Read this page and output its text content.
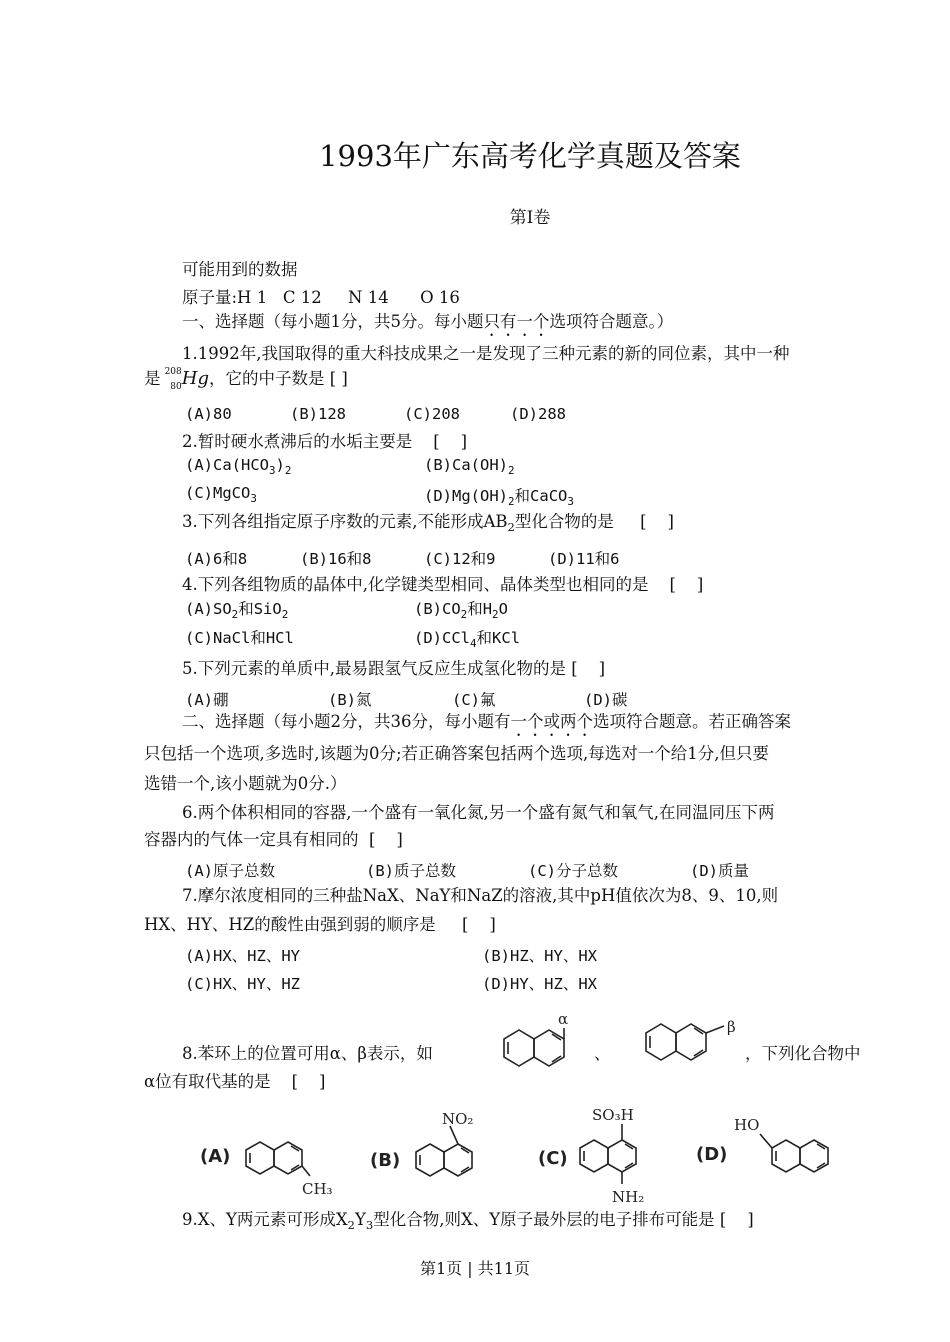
1993年广东高考化学真题及答案
第Ⅰ卷
可能用到的数据
原子量:H 1   C 12     N 14      O 16
一、选择题（每小题1分，共5分。每小题只有一个选项符合题意。）
1.1992年,我国取得的重大科技成果之一是发现了三种元素的新的同位素，其中一种
是 208
80 Hg，它的中子数是 [ ]
(A)80	(B)128	(C)208	(D)288
2.暂时硬水煮沸后的水垢主要是    [    ]
$(A)Ca(HCO_3)_2$	$(B)Ca(OH)_2$
(C)MgCO$_3$	$(D)Mg(OH)_2$和CaCO$_3$
3.下列各组指定原子序数的元素,不能形成$AB_2$型化合物的是     [    ]
(A)6和8	(B)16和8	(C)12和9	(D)11和6
4.下列各组物质的晶体中,化学键类型相同、晶体类型也相同的是    [    ]
$(A)SO_2$和SiO$_2$	$(B)CO_2$和$H_2O$
(C)NaCl和HCl	(D)CCl$_4$和KCl
5.下列元素的单质中,最易跟氢气反应生成氢化物的是 [    ]
(A)硼	(B)氮	(C)氟	(D)碳
二、选择题（每小题2分，共36分，每小题有一个或两个选项符合题意。若正确答案
只包括一个选项,多选时,该题为0分;若正确答案包括两个选项,每选对一个给1分,但只要
选错一个,该小题就为0分.）
6.两个体积相同的容器,一个盛有一氧化氮,另一个盛有氮气和氧气,在同温同压下两
容器内的气体一定具有相同的  [    ]
(A)原子总数	(B)质子总数	(C)分子总数	(D)质量
7.摩尔浓度相同的三种盐NaX、NaY和NaZ的溶液,其中pH值依次为8、9、10,则
HX、HY、HZ的酸性由强到弱的顺序是     [    ]
(A)HX、HZ、HY	(B)HZ、HY、HX
(C)HX、HY、HZ	(D)HY、HZ、HX
8.苯环上的位置可用α、β表示，如	、	，下列化合物中
α位有取代基的是    [    ]
α	β
(A)
CH₃
(B)
NO₂
(C)
SO₃H
NH₂
(D)
HO
9.X、Y两元素可形成$X_2Y_3$型化合物,则X、Y原子最外层的电子排布可能是 [    ]
第1页 | 共11页
